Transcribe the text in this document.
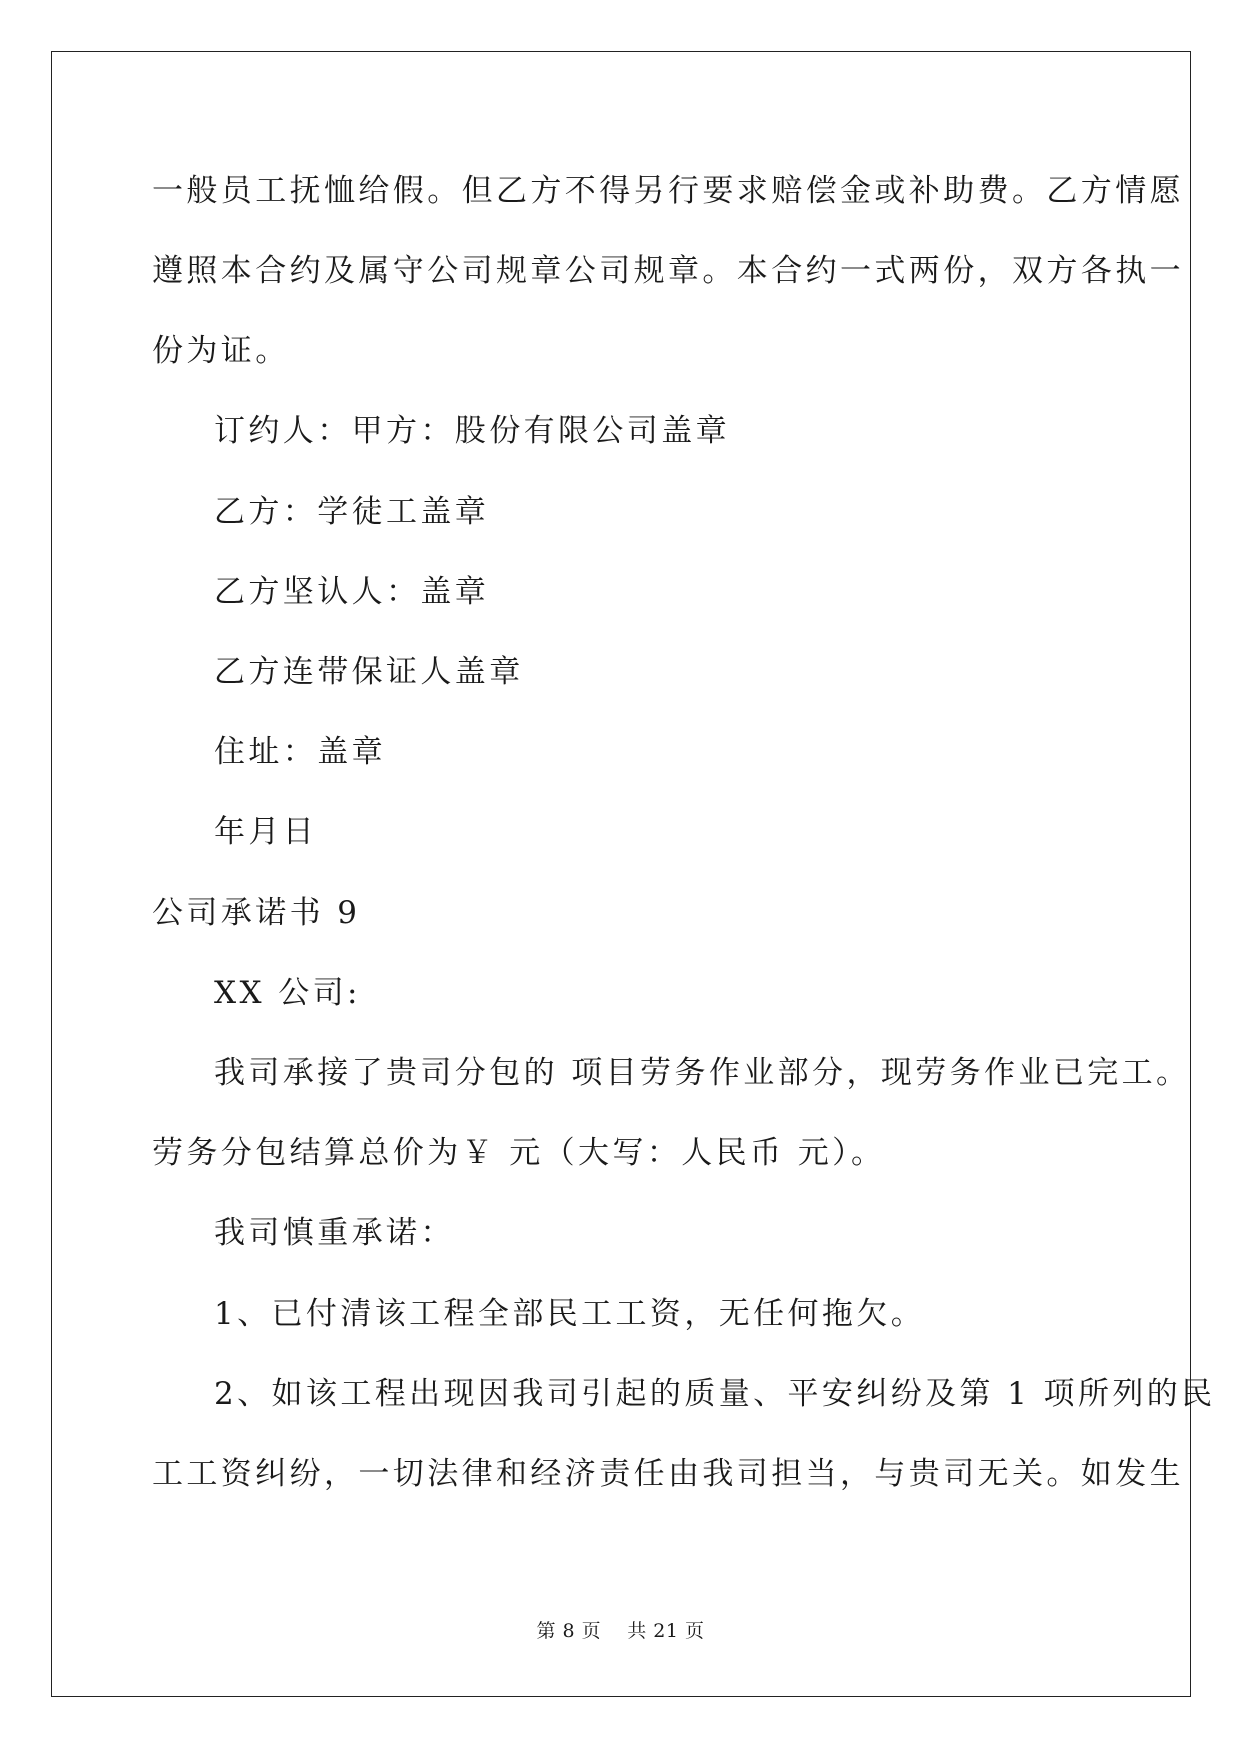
一般员工抚恤给假。但乙方不得另行要求赔偿金或补助费。乙方情愿
遵照本合约及属守公司规章公司规章。本合约一式两份，双方各执一
份为证。
订约人：甲方：股份有限公司盖章
乙方：学徒工盖章
乙方坚认人：盖章
乙方连带保证人盖章
住址：盖章
年月日
公司承诺书 9
XX 公司:
我司承接了贵司分包的 项目劳务作业部分，现劳务作业已完工。
劳务分包结算总价为￥ 元（大写：人民币 元）。
我司慎重承诺：
1、已付清该工程全部民工工资，无任何拖欠。
2、如该工程出现因我司引起的质量、平安纠纷及第 1 项所列的民
工工资纠纷，一切法律和经济责任由我司担当，与贵司无关。如发生
第 8 页　 共 21 页
